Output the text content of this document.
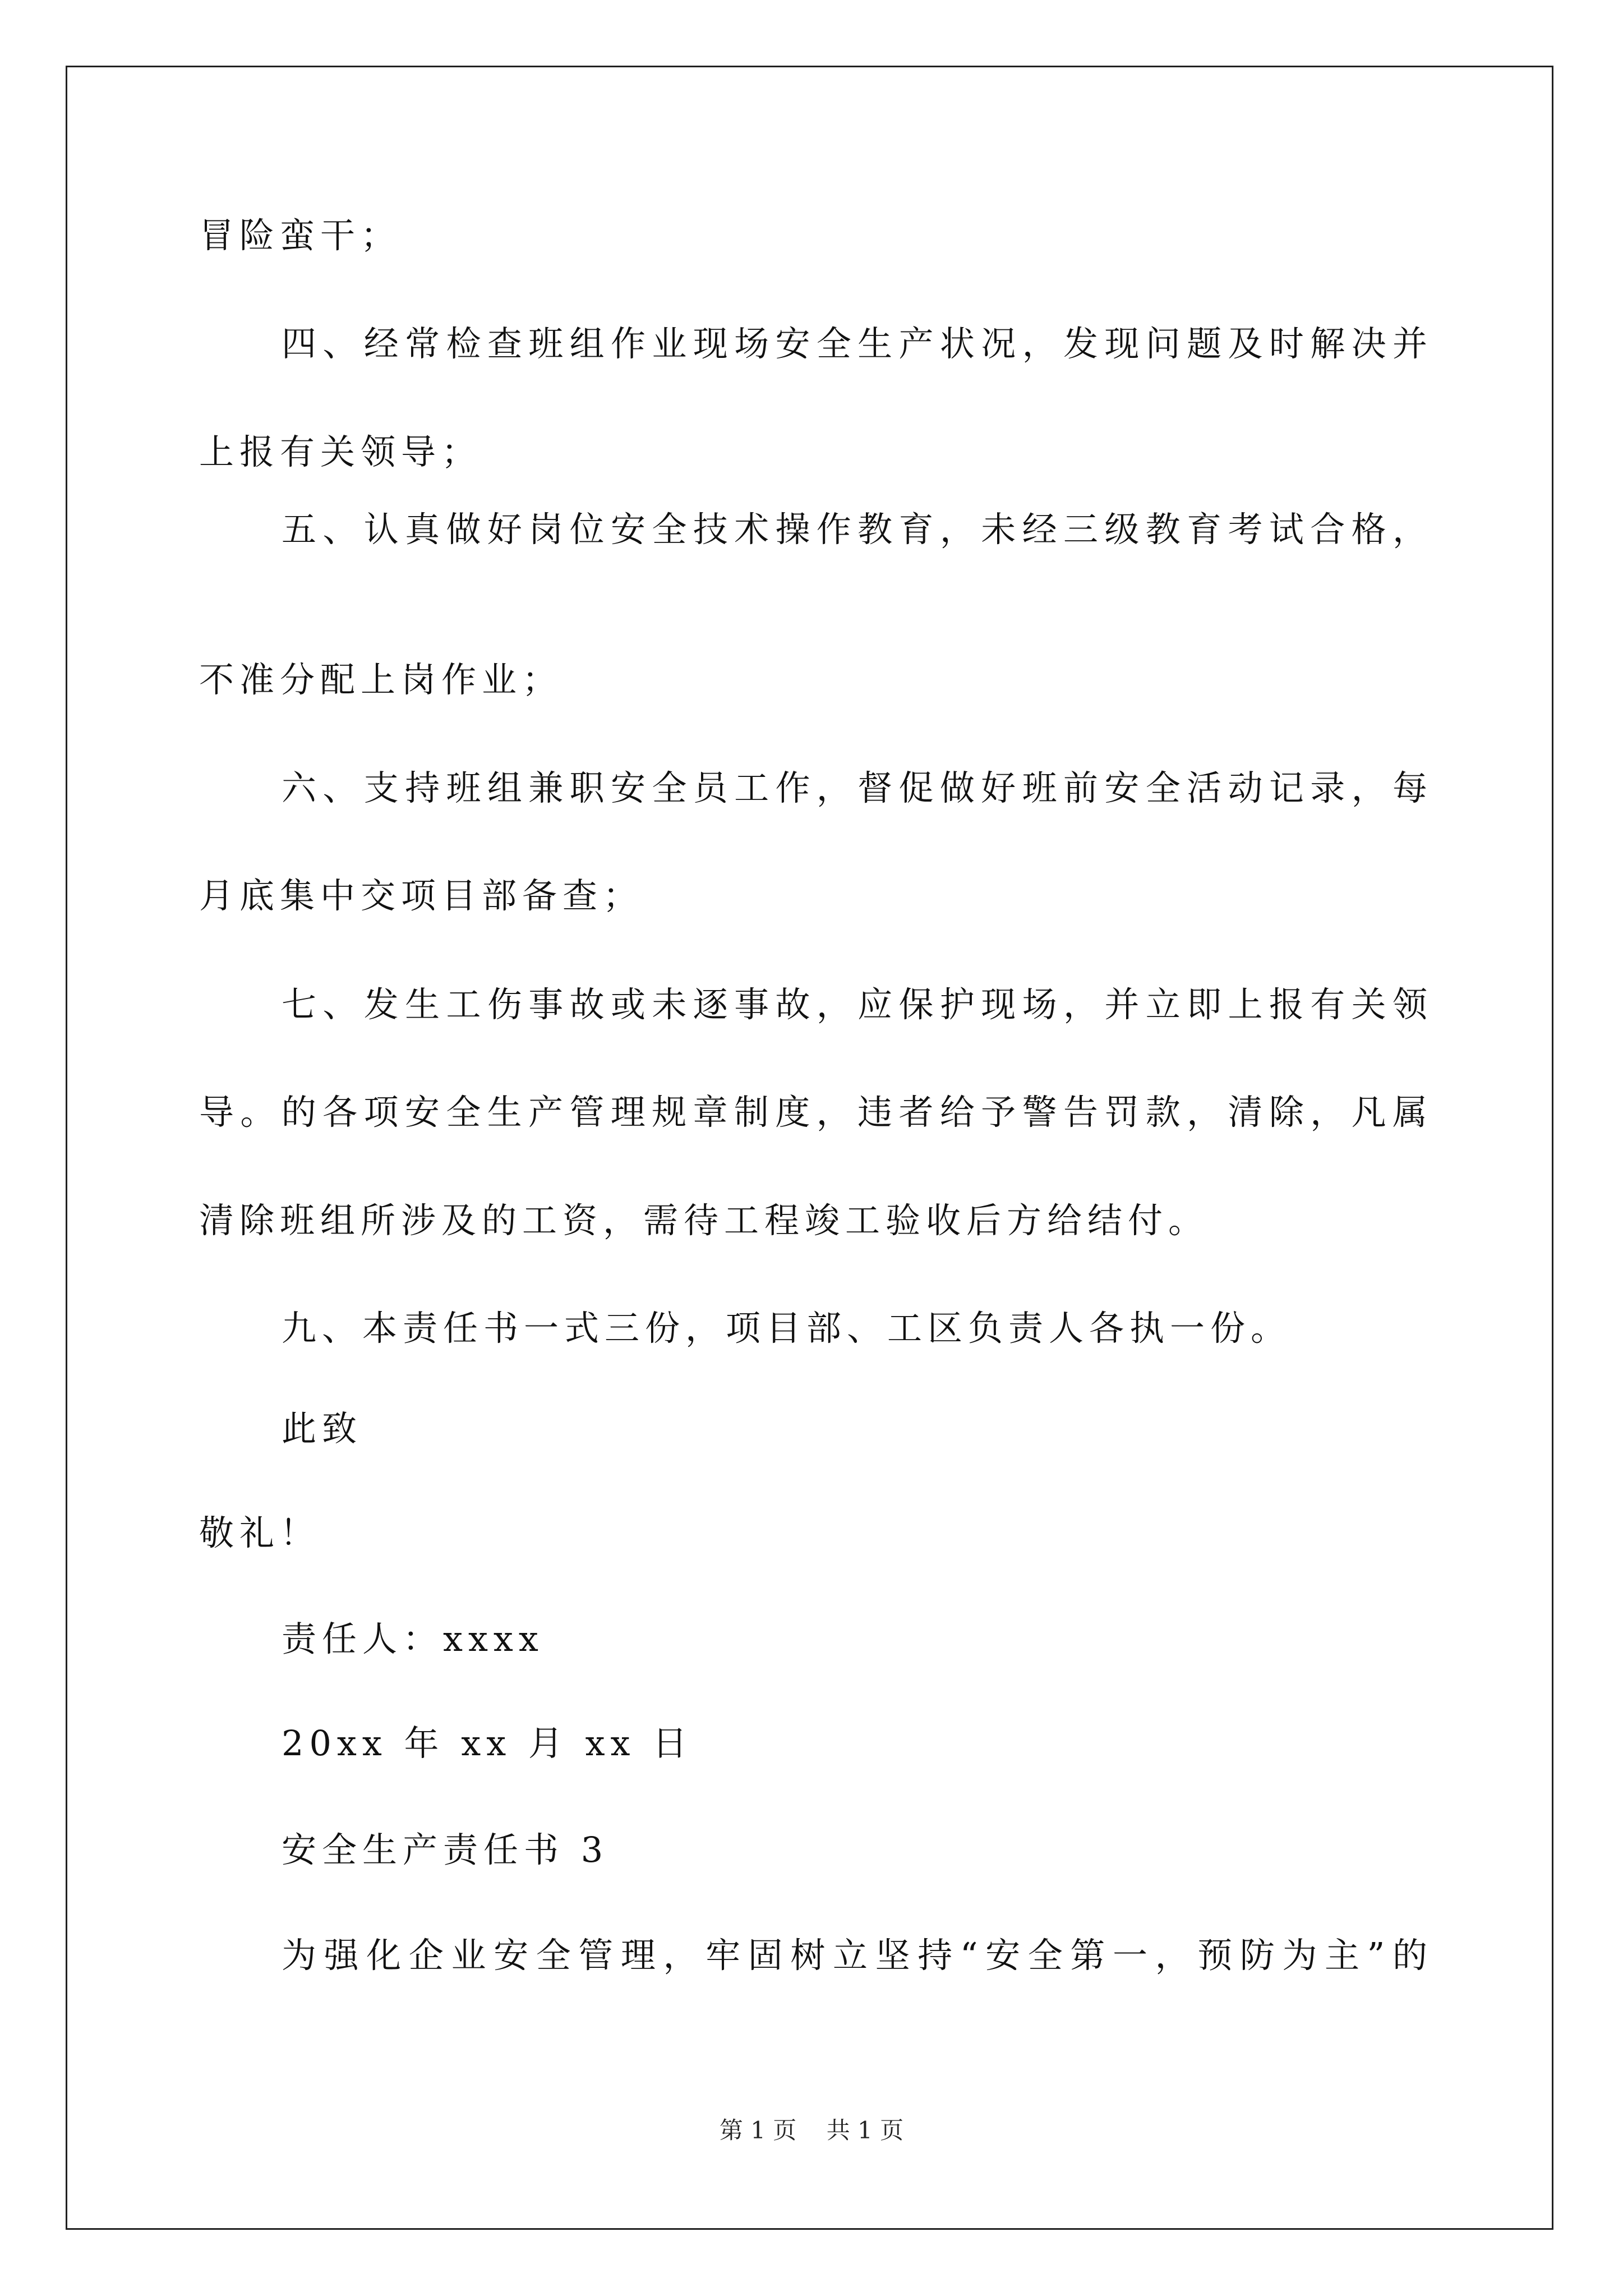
冒险蛮干；

四、经常检查班组作业现场安全生产状况，发现问题及时解决并

上报有关领导；

五、认真做好岗位安全技术操作教育，未经三级教育考试合格，

不准分配上岗作业；

六、支持班组兼职安全员工作，督促做好班前安全活动记录，每

月底集中交项目部备查；

七、发生工伤事故或未逐事故，应保护现场，并立即上报有关领

导。的各项安全生产管理规章制度，违者给予警告罚款，清除，凡属

清除班组所涉及的工资，需待工程竣工验收后方给结付。

九、本责任书一式三份，项目部、工区负责人各执一份。

此致

敬礼！

责任人：xxxx

20xx 年 xx 月 xx 日

安全生产责任书 3

为强化企业安全管理，牢固树立坚持“安全第一，预防为主”的

第 1 页    共 1 页
